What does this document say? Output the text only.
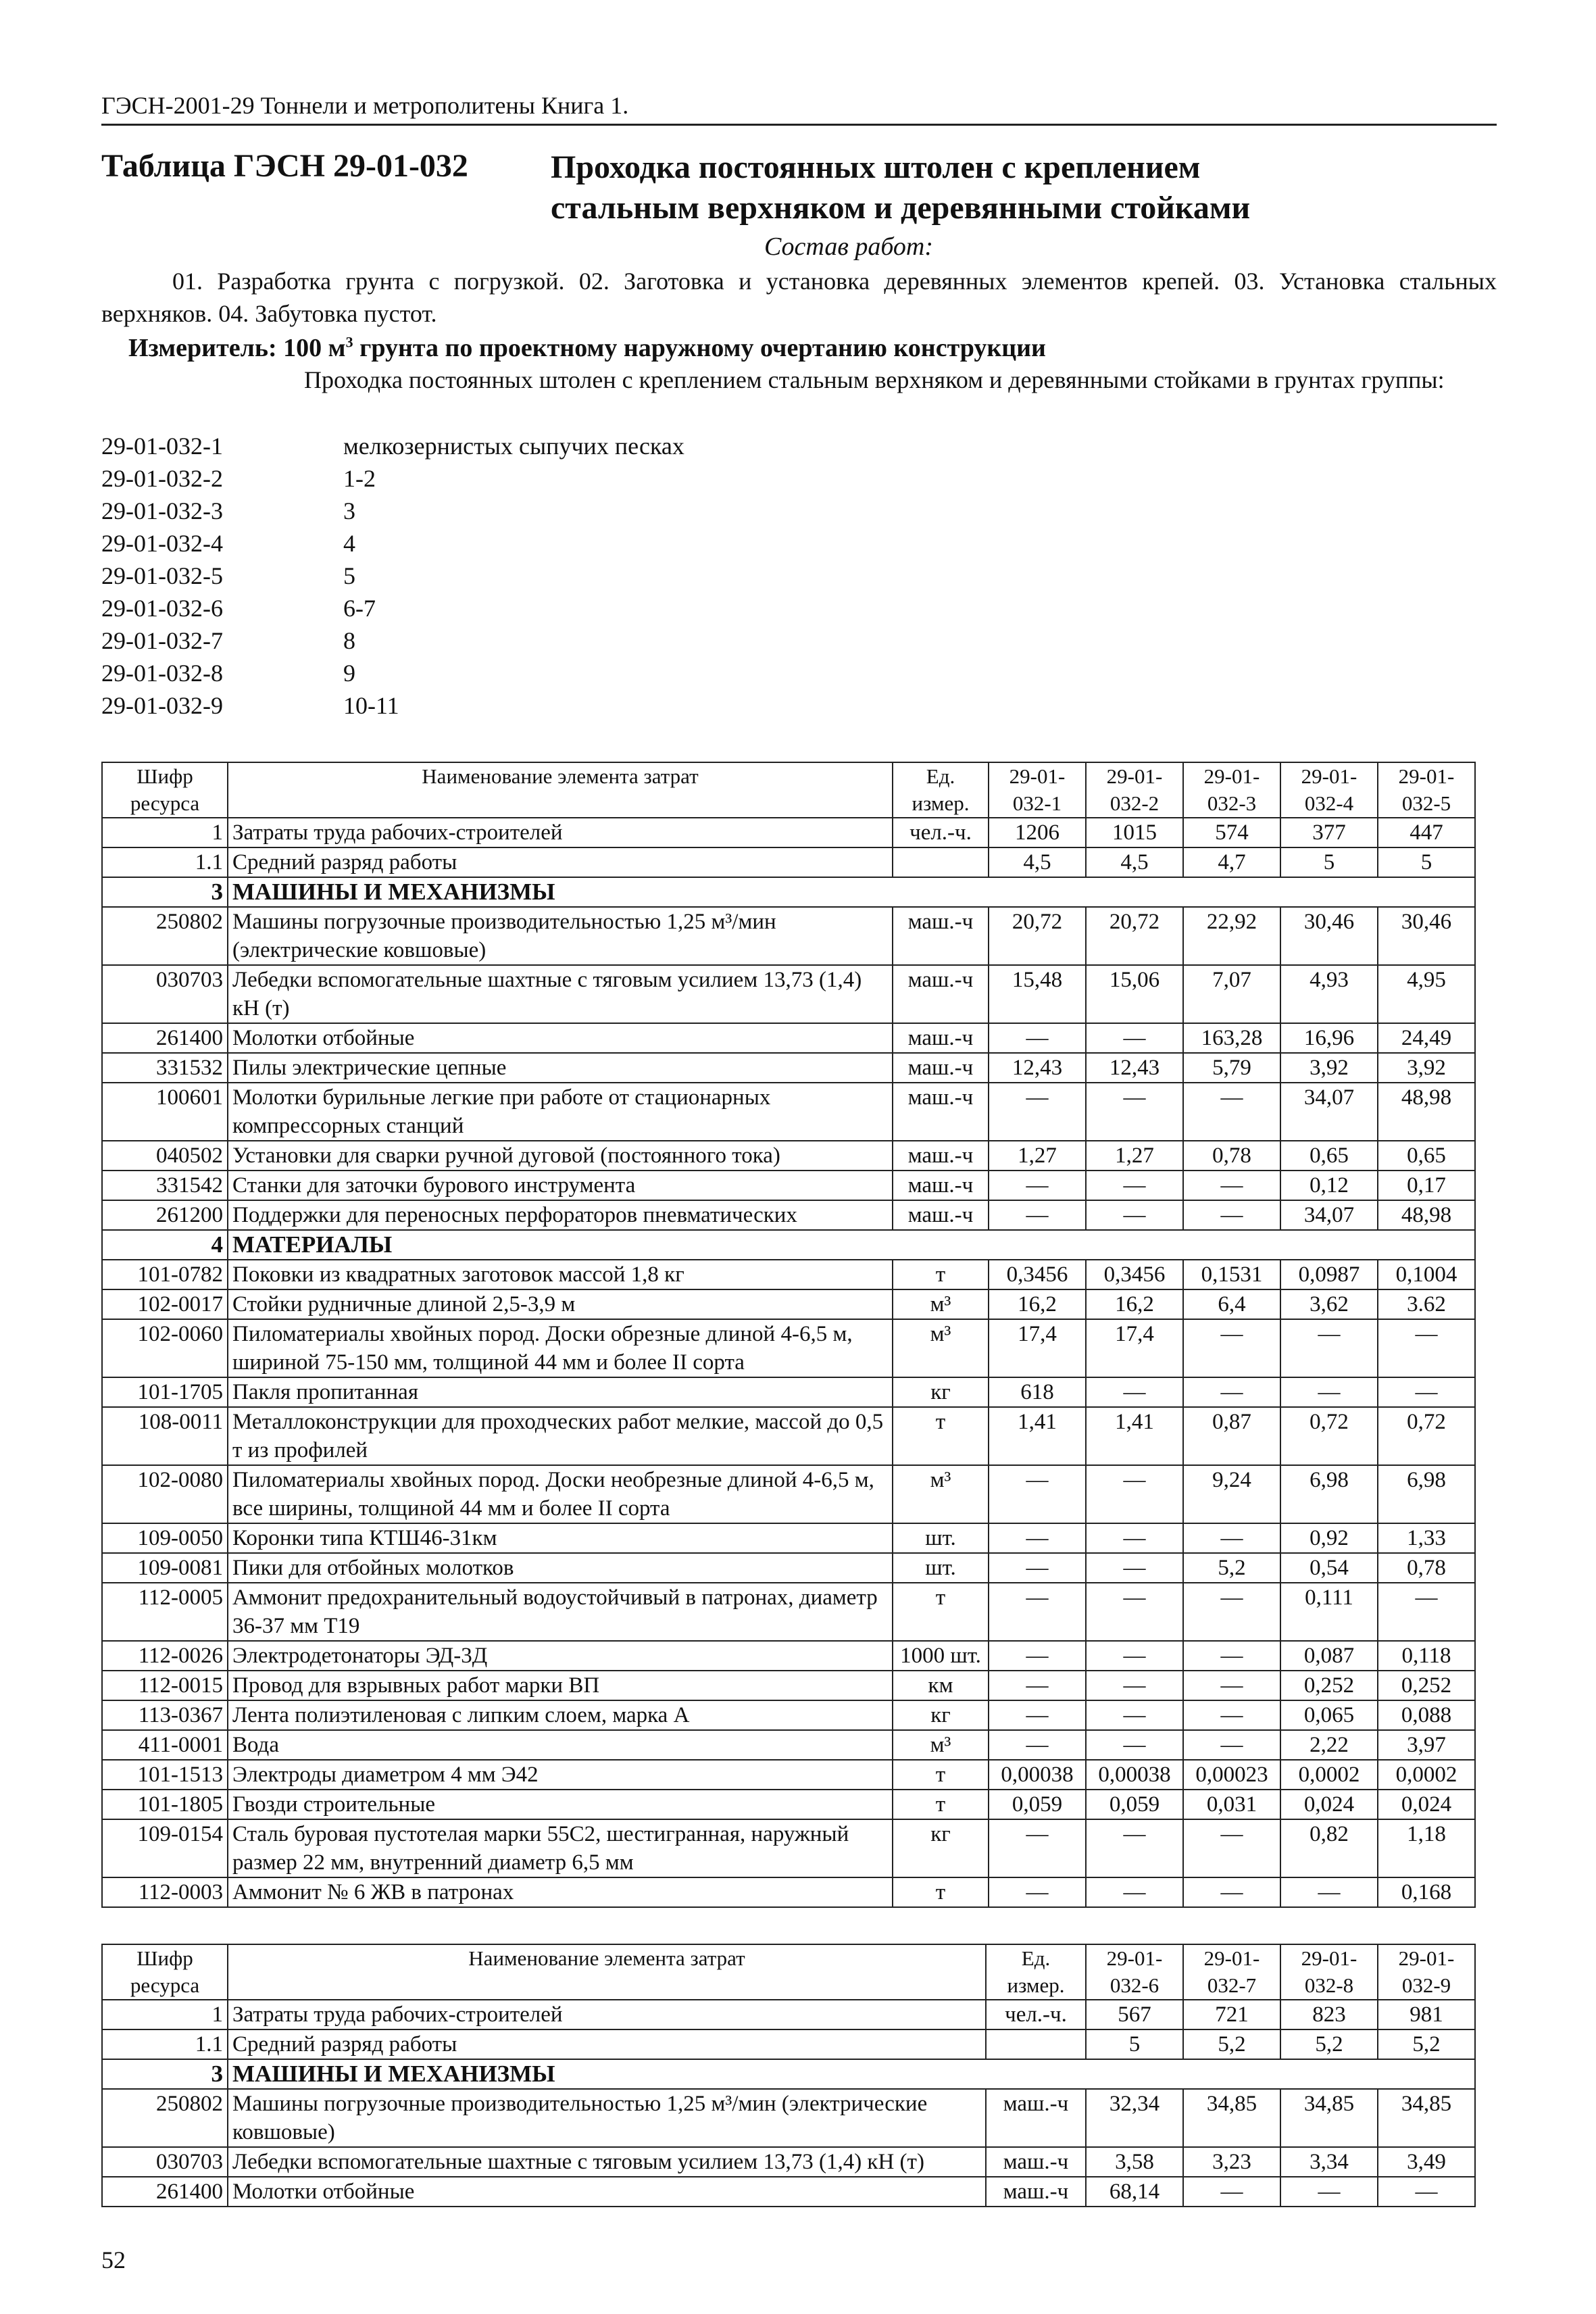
ГЭСН-2001-29 Тоннели и метрополитены Книга 1.
Таблица ГЭСН 29-01-032	Проходка постоянных штолен с креплением
стальным верхняком и деревянными стойками
Состав работ:
01. Разработка грунта с погрузкой. 02. Заготовка и установка деревянных элементов крепей. 03. Установка стальных верхняков. 04. Забутовка пустот.
Измеритель: 100 $м^3$ грунта по проектному наружному очертанию конструкции
Проходка постоянных штолен с креплением стальным верхняком и деревянными стойками в грунтах группы:
29-01-032-1	мелкозернистых сыпучих песках
29-01-032-2	1-2
29-01-032-3	3
29-01-032-4	4
29-01-032-5	5
29-01-032-6	6-7
29-01-032-7	8
29-01-032-8	9
29-01-032-9	10-11
Шифр ресурса	Наименование элемента затрат	Ед. измер.	29-01-032-1	29-01-032-2	29-01-032-3	29-01-032-4	29-01-032-5
1	Затраты труда рабочих-строителей	чел.-ч.	1206	1015	574	377	447
1.1	Средний разряд работы		4,5	4,5	4,7	5	5
3	МАШИНЫ И МЕХАНИЗМЫ						
250802	Машины погрузочные производительностью 1,25 м³/мин (электрические ковшовые)	маш.-ч	20,72	20,72	22,92	30,46	30,46
030703	Лебедки вспомогательные шахтные с тяговым усилием 13,73 (1,4) кН (т)	маш.-ч	15,48	15,06	7,07	4,93	4,95
261400	Молотки отбойные	маш.-ч	—	—	163,28	16,96	24,49
331532	Пилы электрические цепные	маш.-ч	12,43	12,43	5,79	3,92	3,92
100601	Молотки бурильные легкие при работе от стационарных компрессорных станций	маш.-ч	—	—	—	34,07	48,98
040502	Установки для сварки ручной дуговой (постоянного тока)	маш.-ч	1,27	1,27	0,78	0,65	0,65
331542	Станки для заточки бурового инструмента	маш.-ч	—	—	—	0,12	0,17
261200	Поддержки для переносных перфораторов пневматических	маш.-ч	—	—	—	34,07	48,98
4	МАТЕРИАЛЫ						
101-0782	Поковки из квадратных заготовок массой 1,8 кг	т	0,3456	0,3456	0,1531	0,0987	0,1004
102-0017	Стойки рудничные длиной 2,5-3,9 м	м³	16,2	16,2	6,4	3,62	3.62
102-0060	Пиломатериалы хвойных пород. Доски обрезные длиной 4-6,5 м, шириной 75-150 мм, толщиной 44 мм и более II сорта	м³	17,4	17,4	—	—	—
101-1705	Пакля пропитанная	кг	618	—	—	—	—
108-0011	Металлоконструкции для проходческих работ мелкие, массой до 0,5 т из профилей	т	1,41	1,41	0,87	0,72	0,72
102-0080	Пиломатериалы хвойных пород. Доски необрезные длиной 4-6,5 м, все ширины, толщиной 44 мм и более II сорта	м³	—	—	9,24	6,98	6,98
109-0050	Коронки типа КТШ46-31км	шт.	—	—	—	0,92	1,33
109-0081	Пики для отбойных молотков	шт.	—	—	5,2	0,54	0,78
112-0005	Аммонит предохранительный водоустойчивый в патронах, диаметр 36-37 мм Т19	т	—	—	—	0,111	—
112-0026	Электродетонаторы ЭД-3Д	1000 шт.	—	—	—	0,087	0,118
112-0015	Провод для взрывных работ марки ВП	км	—	—	—	0,252	0,252
113-0367	Лента полиэтиленовая с липким слоем, марка А	кг	—	—	—	0,065	0,088
411-0001	Вода	м³	—	—	—	2,22	3,97
101-1513	Электроды диаметром 4 мм Э42	т	0,00038	0,00038	0,00023	0,0002	0,0002
101-1805	Гвозди строительные	т	0,059	0,059	0,031	0,024	0,024
109-0154	Сталь буровая пустотелая марки 55С2, шестигранная, наружный размер 22 мм, внутренний диаметр 6,5 мм	кг	—	—	—	0,82	1,18
112-0003	Аммонит № 6 ЖВ в патронах	т	—	—	—	—	0,168
Шифр ресурса	Наименование элемента затрат	Ед. измер.	29-01-032-6	29-01-032-7	29-01-032-8	29-01-032-9
1	Затраты труда рабочих-строителей	чел.-ч.	567	721	823	981
1.1	Средний разряд работы		5	5,2	5,2	5,2
3	МАШИНЫ И МЕХАНИЗМЫ					
250802	Машины погрузочные производительностью 1,25 м³/мин (электрические ковшовые)	маш.-ч	32,34	34,85	34,85	34,85
030703	Лебедки вспомогательные шахтные с тяговым усилием 13,73 (1,4) кН (т)	маш.-ч	3,58	3,23	3,34	3,49
261400	Молотки отбойные	маш.-ч	68,14	—	—	—
52
